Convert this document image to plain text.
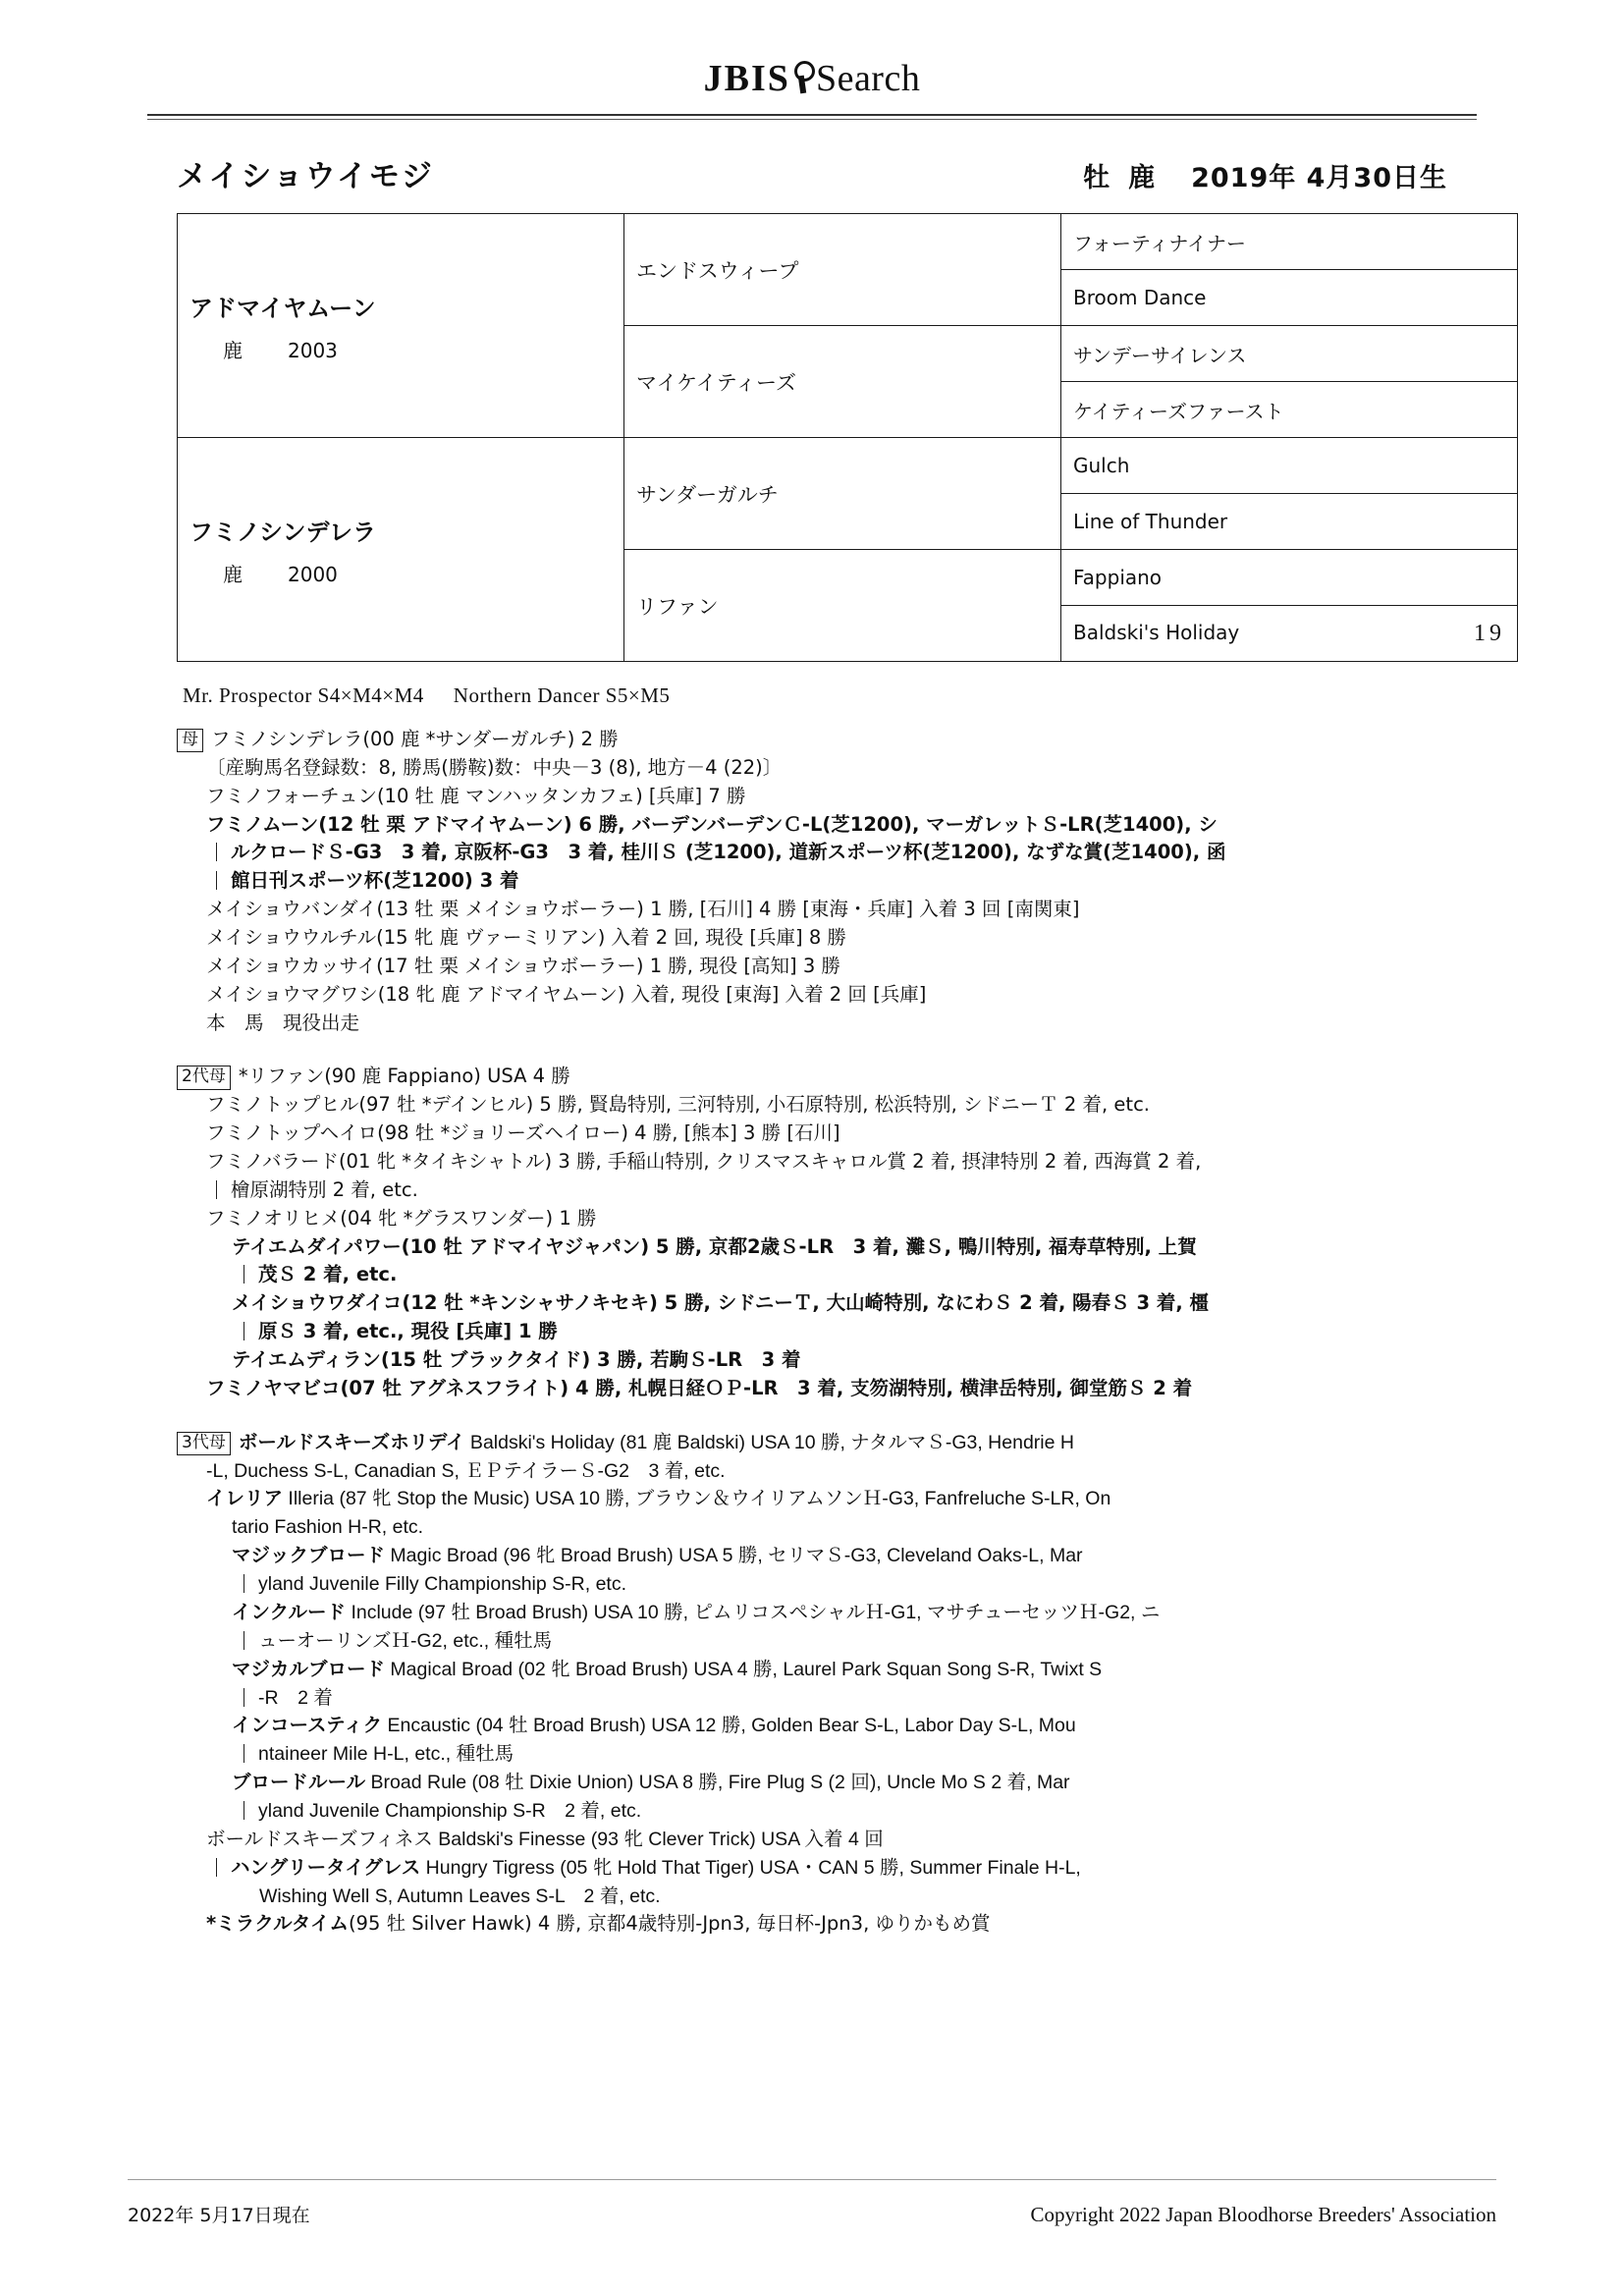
JBIS Search
メイショウイモジ	牡 鹿 2019年 4月30日生
アドマイヤムーン
鹿 2003	エンドスウィープ	フォーティナイナー
		Broom Dance
	マイケイティーズ	サンデーサイレンス
		ケイティーズファースト

フミノシンデレラ
鹿 2000	サンダーガルチ	Gulch
		Line of Thunder
	リファン	Fappiano
		Baldski's Holiday 19
Mr. Prospector S4×M4×M4 Northern Dancer S5×M5
母 フミノシンデレラ(00 鹿 *サンダーガルチ) 2 勝
〔産駒馬名登録数：8, 勝馬(勝鞍)数：中央－3 (8), 地方－4 (22)〕
フミノフォーチュン(10 牡 鹿 マンハッタンカフェ) [兵庫] 7 勝
フミノムーン(12 牡 栗 アドマイヤムーン) 6 勝, バーデンバーデンＣ-L(芝1200), マーガレットＳ-LR(芝1400), シ
ルクロードＳ-G3　3 着, 京阪杯-G3　3 着, 桂川Ｓ (芝1200), 道新スポーツ杯(芝1200), なずな賞(芝1400), 函
館日刊スポーツ杯(芝1200) 3 着
メイショウバンダイ(13 牡 栗 メイショウボーラー) 1 勝, [石川] 4 勝 [東海・兵庫] 入着 3 回 [南関東]
メイショウウルチル(15 牝 鹿 ヴァーミリアン) 入着 2 回, 現役 [兵庫] 8 勝
メイショウカッサイ(17 牡 栗 メイショウボーラー) 1 勝, 現役 [高知] 3 勝
メイショウマグワシ(18 牝 鹿 アドマイヤムーン) 入着, 現役 [東海] 入着 2 回 [兵庫]
本　馬　現役出走
2代母 *リファン(90 鹿 Fappiano) USA 4 勝
フミノトップヒル(97 牡 *デインヒル) 5 勝, 賢島特別, 三河特別, 小石原特別, 松浜特別, シドニーＴ 2 着, etc.
フミノトップヘイロ(98 牡 *ジョリーズヘイロー) 4 勝, [熊本] 3 勝 [石川]
フミノバラード(01 牝 *タイキシャトル) 3 勝, 手稲山特別, クリスマスキャロル賞 2 着, 摂津特別 2 着, 西海賞 2 着,
檜原湖特別 2 着, etc.
フミノオリヒメ(04 牝 *グラスワンダー) 1 勝
テイエムダイパワー(10 牡 アドマイヤジャパン) 5 勝, 京都2歳Ｓ-LR　3 着, 灘Ｓ, 鴨川特別, 福寿草特別, 上賀
茂Ｓ 2 着, etc.
メイショウワダイコ(12 牡 *キンシャサノキセキ) 5 勝, シドニーＴ, 大山崎特別, なにわＳ 2 着, 陽春Ｓ 3 着, 橿
原Ｓ 3 着, etc., 現役 [兵庫] 1 勝
テイエムディラン(15 牡 ブラックタイド) 3 勝, 若駒Ｓ-LR　3 着
フミノヤマビコ(07 牡 アグネスフライト) 4 勝, 札幌日経ＯＰ-LR　3 着, 支笏湖特別, 横津岳特別, 御堂筋Ｓ 2 着
3代母 ボールドスキーズホリデイ Baldski's Holiday (81 鹿 Baldski) USA 10 勝, ナタルマＳ-G3, Hendrie H
-L, Duchess S-L, Canadian S, ＥＰテイラーＳ-G2　3 着, etc.
イレリア Illeria (87 牝 Stop the Music) USA 10 勝, ブラウン＆ウイリアムソンＨ-G3, Fanfreluche S-LR, On
tario Fashion H-R, etc.
マジックブロード Magic Broad (96 牝 Broad Brush) USA 5 勝, セリマＳ-G3, Cleveland Oaks-L, Mar
yland Juvenile Filly Championship S-R, etc.
インクルード Include (97 牡 Broad Brush) USA 10 勝, ピムリコスペシャルＨ-G1, マサチューセッツＨ-G2, ニ
ューオーリンズＨ-G2, etc., 種牡馬
マジカルブロード Magical Broad (02 牝 Broad Brush) USA 4 勝, Laurel Park Squan Song S-R, Twixt S
-R　2 着
インコースティク Encaustic (04 牡 Broad Brush) USA 12 勝, Golden Bear S-L, Labor Day S-L, Mou
ntaineer Mile H-L, etc., 種牡馬
ブロードルール Broad Rule (08 牡 Dixie Union) USA 8 勝, Fire Plug S (2 回), Uncle Mo S 2 着, Mar
yland Juvenile Championship S-R　2 着, etc.
ボールドスキーズフィネス Baldski's Finesse (93 牝 Clever Trick) USA 入着 4 回
ハングリータイグレス Hungry Tigress (05 牝 Hold That Tiger) USA・CAN 5 勝, Summer Finale H-L,
Wishing Well S, Autumn Leaves S-L　2 着, etc.
*ミラクルタイム(95 牡 Silver Hawk) 4 勝, 京都4歳特別-Jpn3, 毎日杯-Jpn3, ゆりかもめ賞
2022年 5月17日現在	Copyright 2022 Japan Bloodhorse Breeders' Association
